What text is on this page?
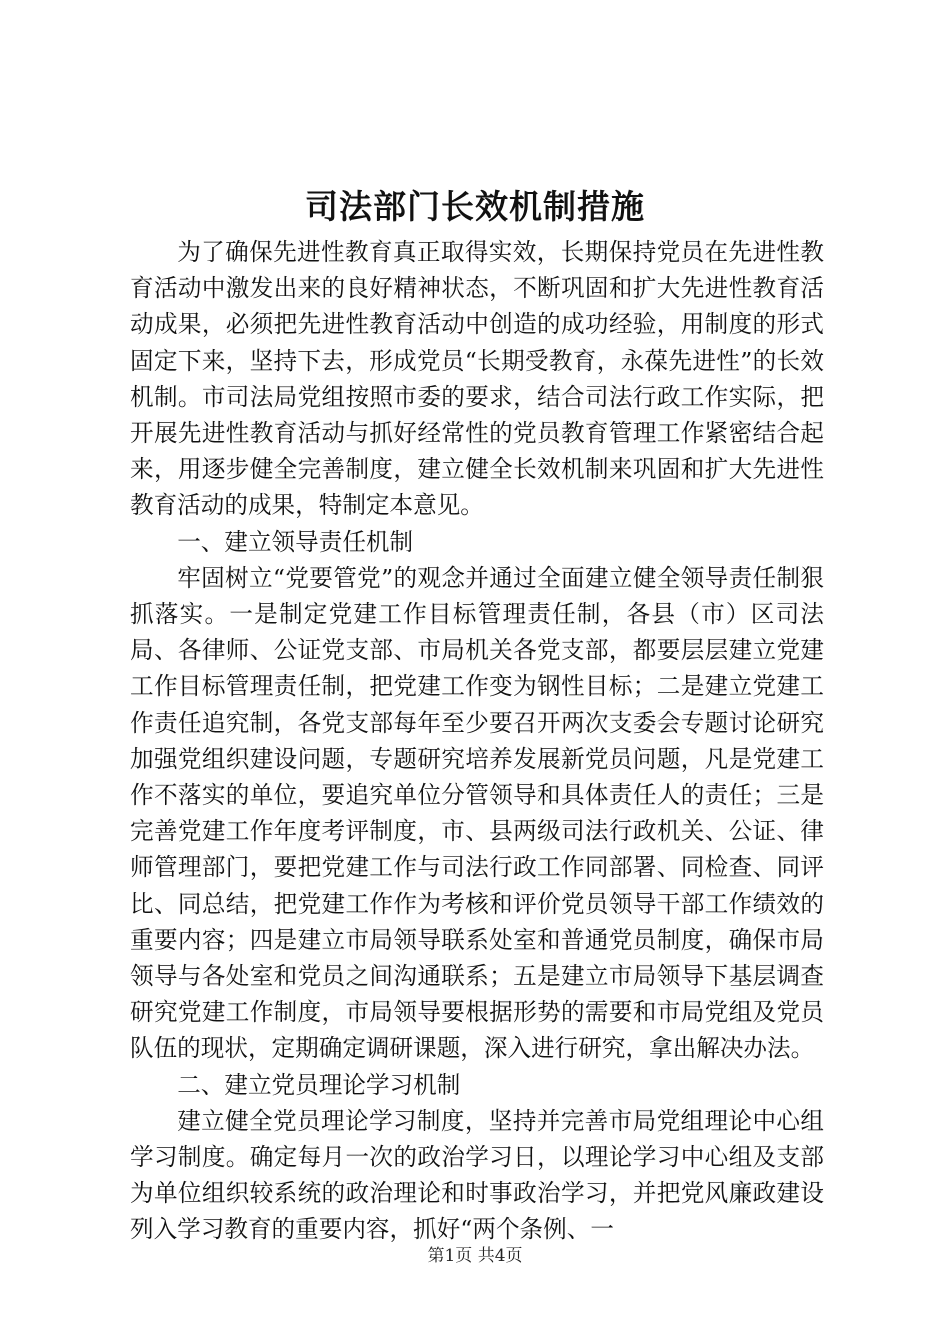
司法部门长效机制措施

为了确保先进性教育真正取得实效，长期保持党员在先进性教育活动中激发出来的良好精神状态，不断巩固和扩大先进性教育活动成果，必须把先进性教育活动中创造的成功经验，用制度的形式固定下来，坚持下去，形成党员“长期受教育，永葆先进性”的长效机制。市司法局党组按照市委的要求，结合司法行政工作实际，把开展先进性教育活动与抓好经常性的党员教育管理工作紧密结合起来，用逐步健全完善制度，建立健全长效机制来巩固和扩大先进性教育活动的成果，特制定本意见。

一、建立领导责任机制

牢固树立“党要管党”的观念并通过全面建立健全领导责任制狠抓落实。一是制定党建工作目标管理责任制，各县（市）区司法局、各律师、公证党支部、市局机关各党支部，都要层层建立党建工作目标管理责任制，把党建工作变为钢性目标；二是建立党建工作责任追究制，各党支部每年至少要召开两次支委会专题讨论研究加强党组织建设问题，专题研究培养发展新党员问题，凡是党建工作不落实的单位，要追究单位分管领导和具体责任人的责任；三是完善党建工作年度考评制度，市、县两级司法行政机关、公证、律师管理部门，要把党建工作与司法行政工作同部署、同检查、同评比、同总结，把党建工作作为考核和评价党员领导干部工作绩效的重要内容；四是建立市局领导联系处室和普通党员制度，确保市局领导与各处室和党员之间沟通联系；五是建立市局领导下基层调查研究党建工作制度，市局领导要根据形势的需要和市局党组及党员队伍的现状，定期确定调研课题，深入进行研究，拿出解决办法。

二、建立党员理论学习机制

建立健全党员理论学习制度，坚持并完善市局党组理论中心组学习制度。确定每月一次的政治学习日，以理论学习中心组及支部为单位组织较系统的政治理论和时事政治学习，并把党风廉政建设列入学习教育的重要内容，抓好“两个条例、一

第1页 共4页
